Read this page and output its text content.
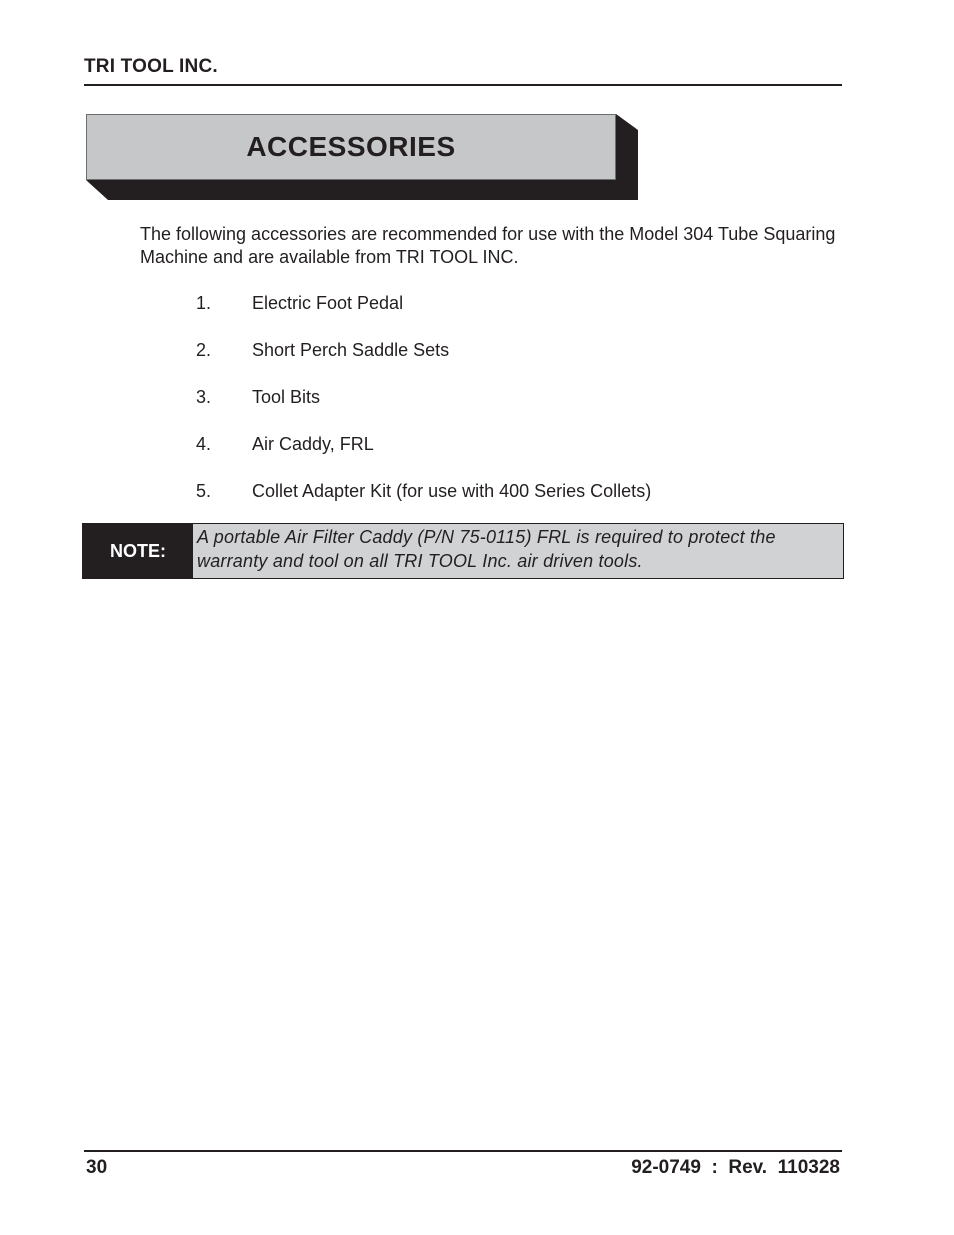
TRI TOOL INC.
ACCESSORIES
The following accessories are recommended for use with the Model 304 Tube Squaring Machine and are available from TRI TOOL INC.
1.	Electric Foot Pedal
2.	Short Perch Saddle Sets
3.	Tool Bits
4.	Air Caddy, FRL
5.	Collet Adapter Kit (for use with 400 Series Collets)
NOTE:
A portable Air Filter Caddy (P/N 75-0115) FRL is required to protect the warranty and tool on all TRI TOOL Inc. air driven tools.
30	92-0749  :  Rev.  110328
